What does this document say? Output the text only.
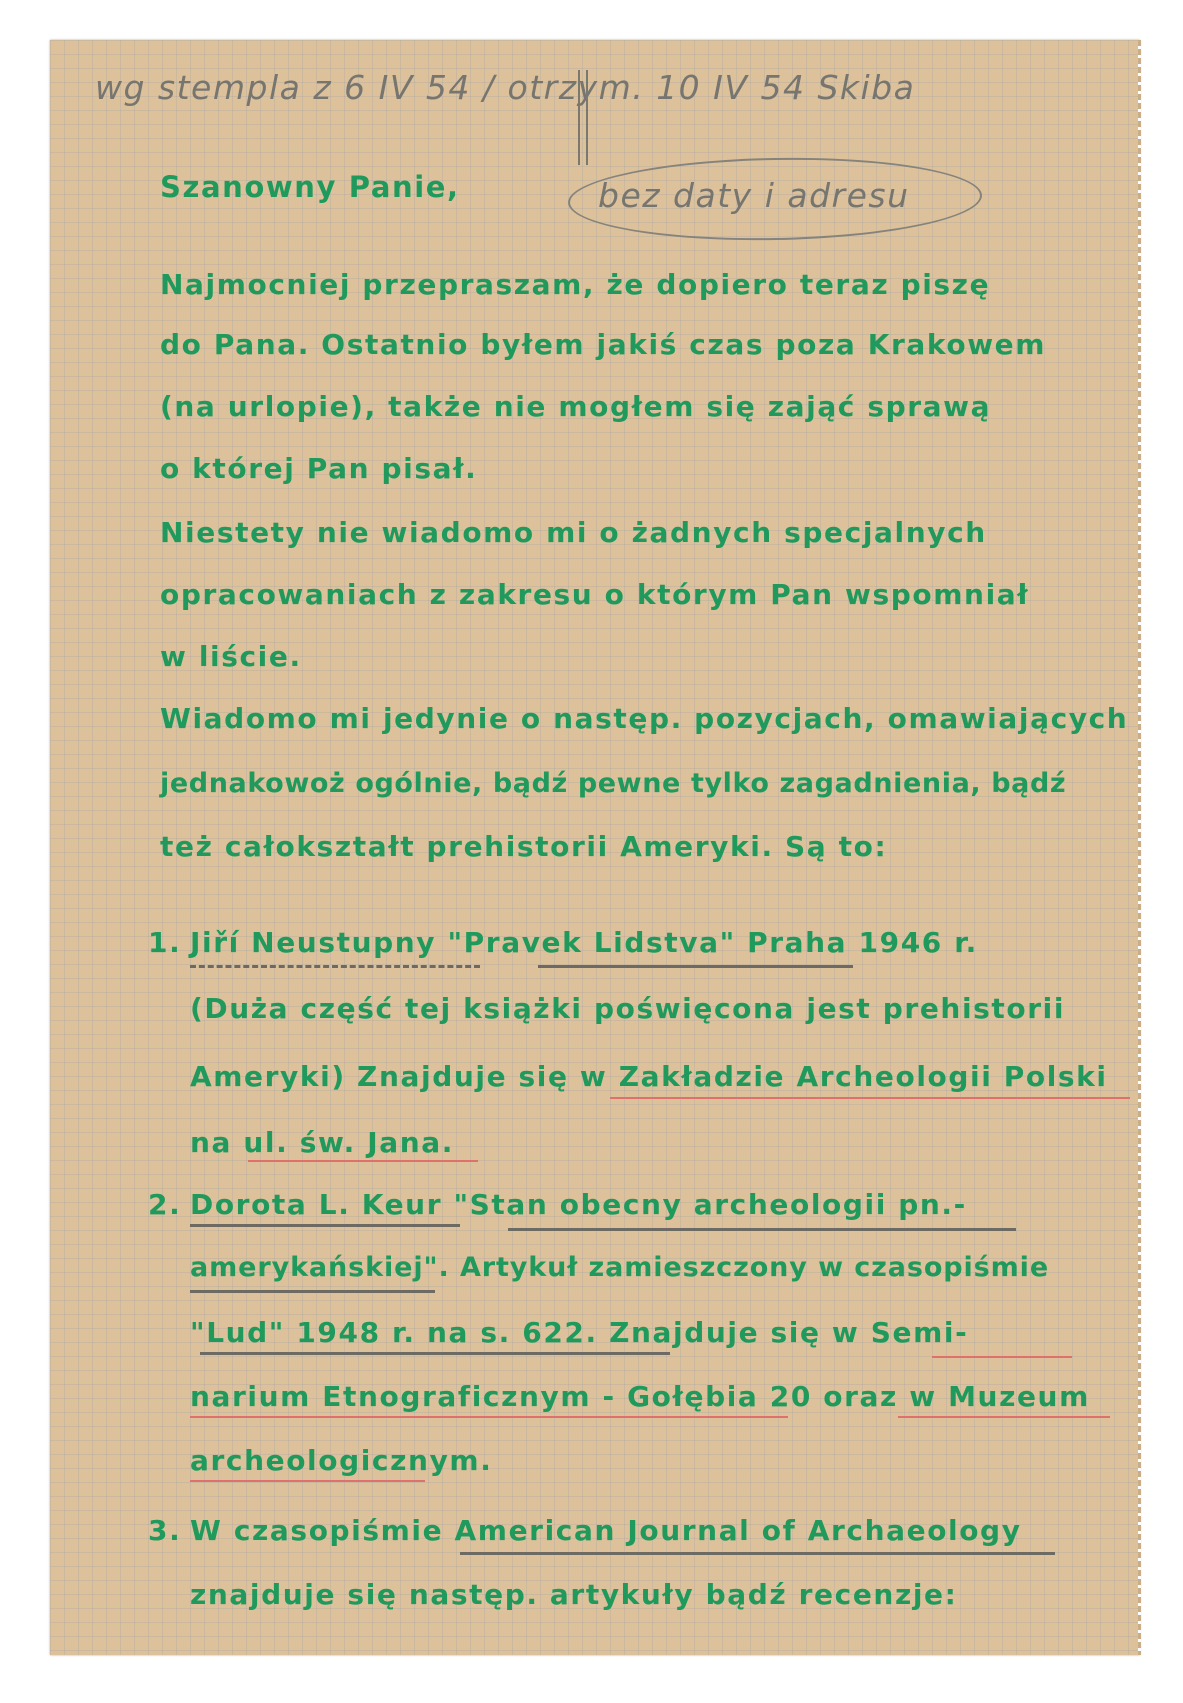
wg stempla z 6 IV 54 / otrzym. 10 IV 54 Skiba
Szanowny Panie,	bez daty i adresu
Najmocniej przepraszam, że dopiero teraz piszę
do Pana. Ostatnio byłem jakiś czas poza Krakowem
(na urlopie), także nie mogłem się zająć sprawą
o której Pan pisał.
Niestety nie wiadomo mi o żadnych specjalnych
opracowaniach z zakresu o którym Pan wspomniał
w liście.
Wiadomo mi jedynie o następ. pozycjach, omawiających
jednakowoż ogólnie, bądź pewne tylko zagadnienia, bądź
też całokształt prehistorii Ameryki. Są to:
1. Jiří Neustupny "Pravek Lidstva" Praha 1946 r.
(Duża część tej książki poświęcona jest prehistorii
Ameryki) Znajduje się w Zakładzie Archeologii Polski
na ul. św. Jana.
2. Dorota L. Keur "Stan obecny archeologii pn.-
amerykańskiej". Artykuł zamieszczony w czasopiśmie
"Lud" 1948 r. na s. 622. Znajduje się w Semi-
narium Etnograficznym - Gołębia 20 oraz w Muzeum
archeologicznym.
3. W czasopiśmie American Journal of Archaeology
znajduje się następ. artykuły bądź recenzje:
